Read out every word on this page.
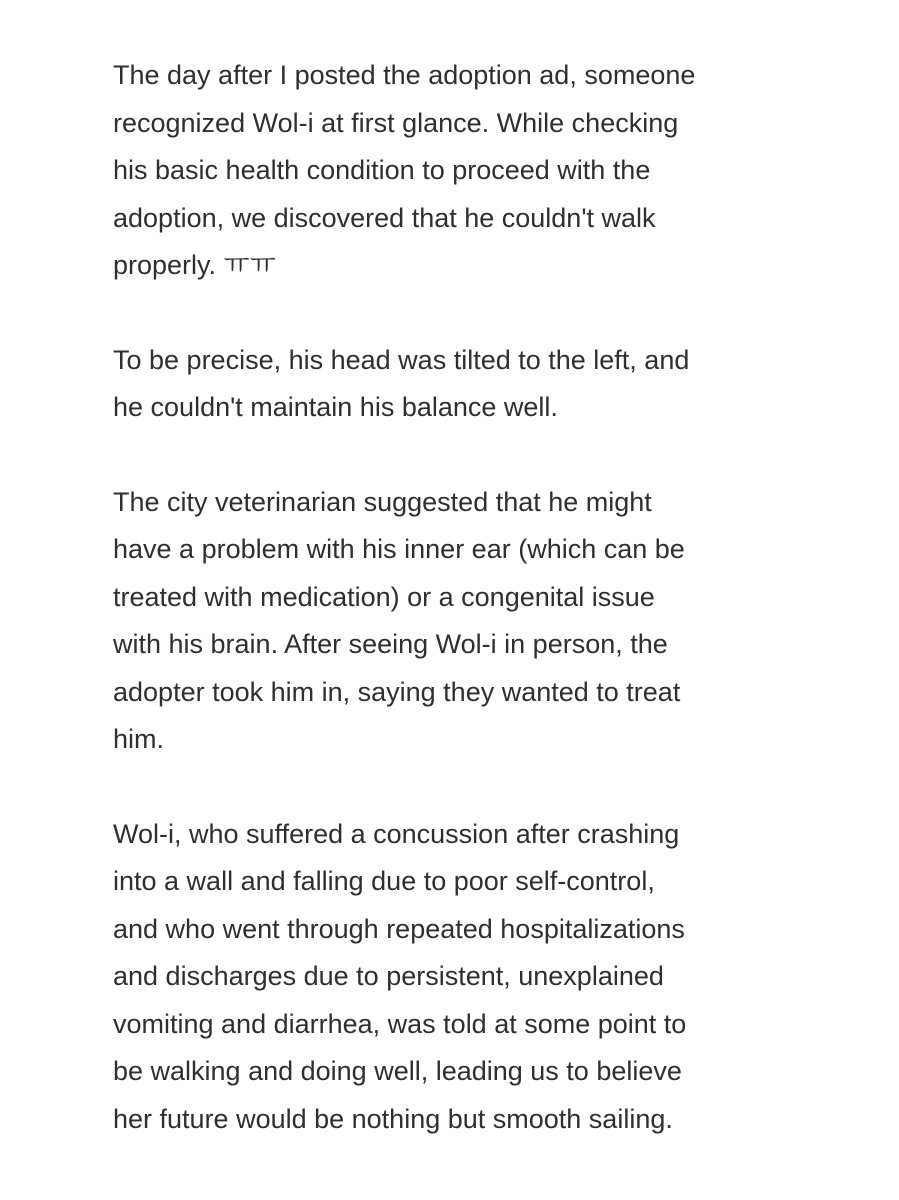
The day after I posted the adoption ad, someone
recognized Wol-i at first glance. While checking
his basic health condition to proceed with the
adoption, we discovered that he couldn't walk
properly. ㅠㅠ

To be precise, his head was tilted to the left, and
he couldn't maintain his balance well.

The city veterinarian suggested that he might
have a problem with his inner ear (which can be
treated with medication) or a congenital issue
with his brain. After seeing Wol-i in person, the
adopter took him in, saying they wanted to treat
him.

Wol-i, who suffered a concussion after crashing
into a wall and falling due to poor self-control,
and who went through repeated hospitalizations
and discharges due to persistent, unexplained
vomiting and diarrhea, was told at some point to
be walking and doing well, leading us to believe
her future would be nothing but smooth sailing.
